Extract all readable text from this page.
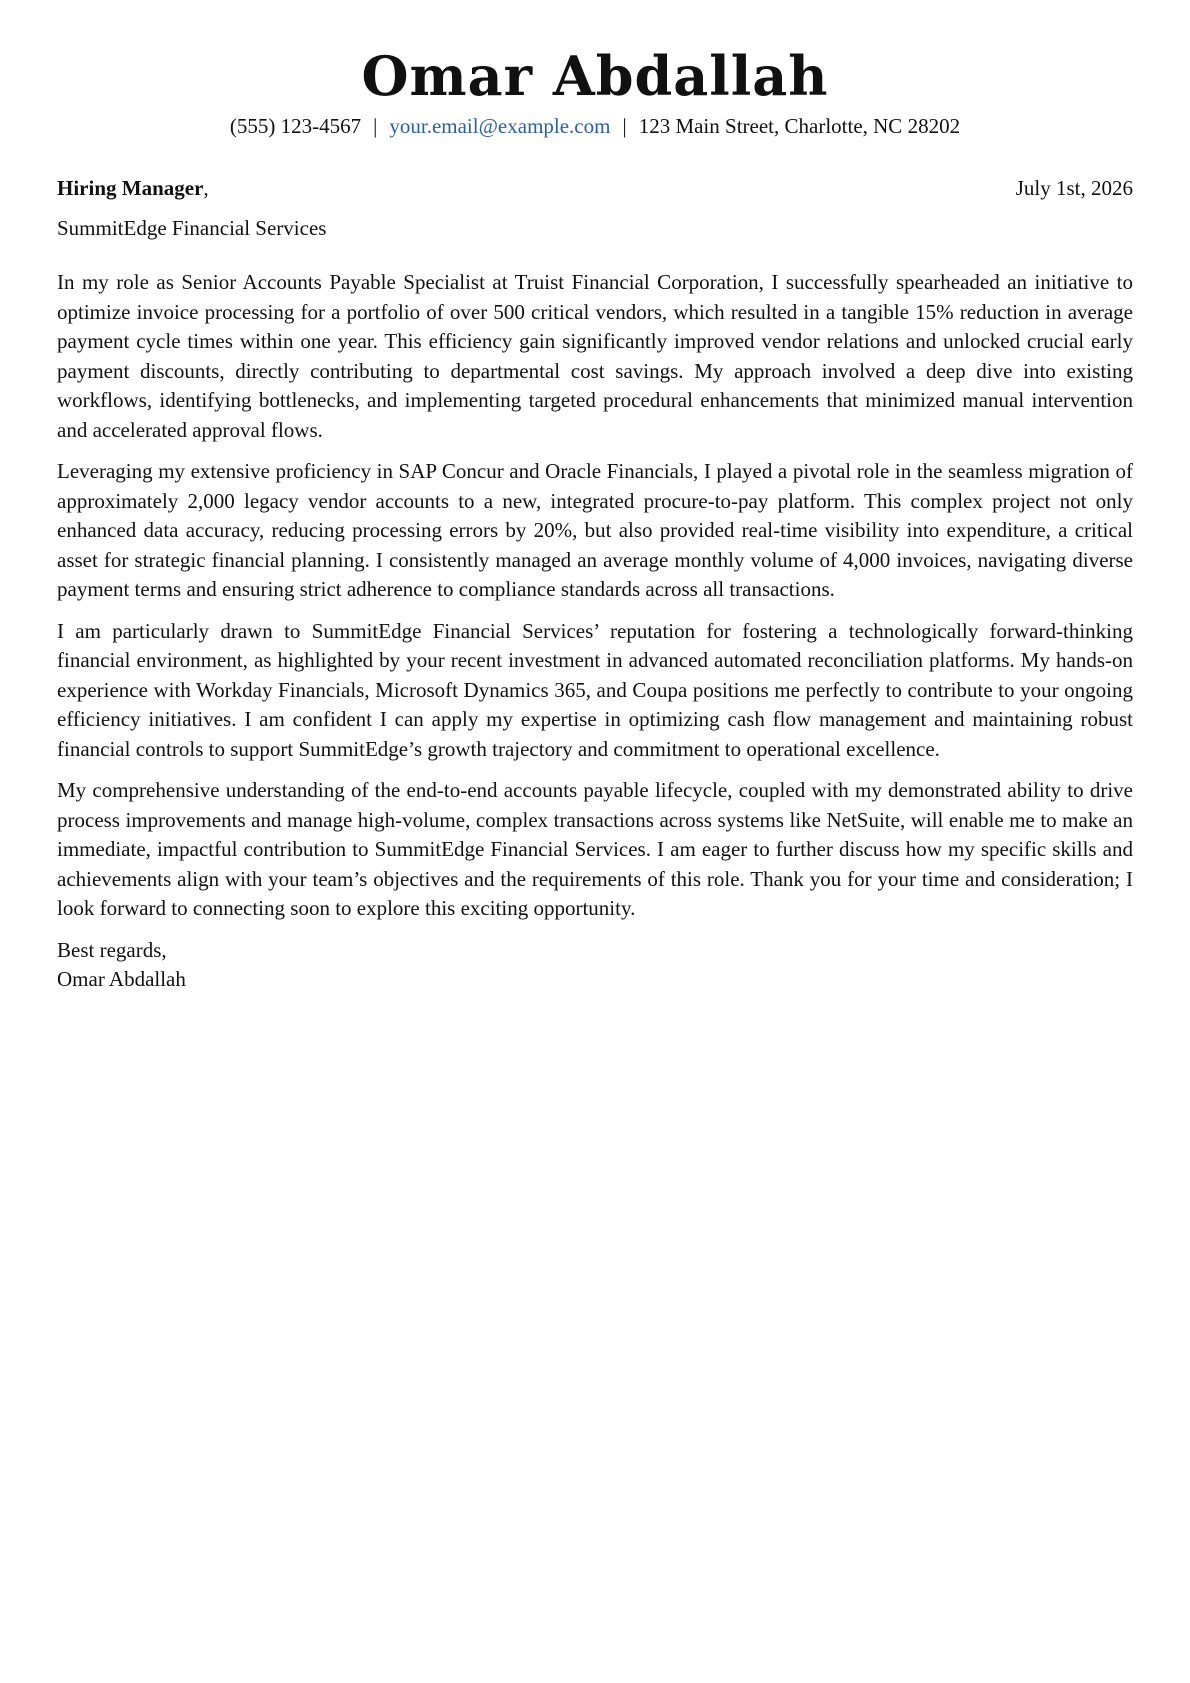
Omar Abdallah
(555) 123-4567 | your.email@example.com | 123 Main Street, Charlotte, NC 28202
Hiring Manager,	July 1st, 2026
SummitEdge Financial Services

In my role as Senior Accounts Payable Specialist at Truist Financial Corporation, I successfully spearheaded an initiative to optimize invoice processing for a portfolio of over 500 critical vendors, which resulted in a tangible 15% reduction in average payment cycle times within one year. This efficiency gain significantly improved vendor relations and unlocked crucial early payment discounts, directly contributing to departmental cost savings. My approach involved a deep dive into existing workflows, identifying bottlenecks, and implementing targeted procedural enhancements that minimized manual intervention and accelerated approval flows.

Leveraging my extensive proficiency in SAP Concur and Oracle Financials, I played a pivotal role in the seamless migration of approximately 2,000 legacy vendor accounts to a new, integrated procure-to-pay platform. This complex project not only enhanced data accuracy, reducing processing errors by 20%, but also provided real-time visibility into expenditure, a critical asset for strategic financial planning. I consistently managed an average monthly volume of 4,000 invoices, navigating diverse payment terms and ensuring strict adherence to compliance standards across all transactions.

I am particularly drawn to SummitEdge Financial Services’ reputation for fostering a technologically forward-thinking financial environment, as highlighted by your recent investment in advanced automated reconciliation platforms. My hands-on experience with Workday Financials, Microsoft Dynamics 365, and Coupa positions me perfectly to contribute to your ongoing efficiency initiatives. I am confident I can apply my expertise in optimizing cash flow management and maintaining robust financial controls to support SummitEdge’s growth trajectory and commitment to operational excellence.

My comprehensive understanding of the end-to-end accounts payable lifecycle, coupled with my demonstrated ability to drive process improvements and manage high-volume, complex transactions across systems like NetSuite, will enable me to make an immediate, impactful contribution to SummitEdge Financial Services. I am eager to further discuss how my specific skills and achievements align with your team’s objectives and the requirements of this role. Thank you for your time and consideration; I look forward to connecting soon to explore this exciting opportunity.

Best regards,
Omar Abdallah
